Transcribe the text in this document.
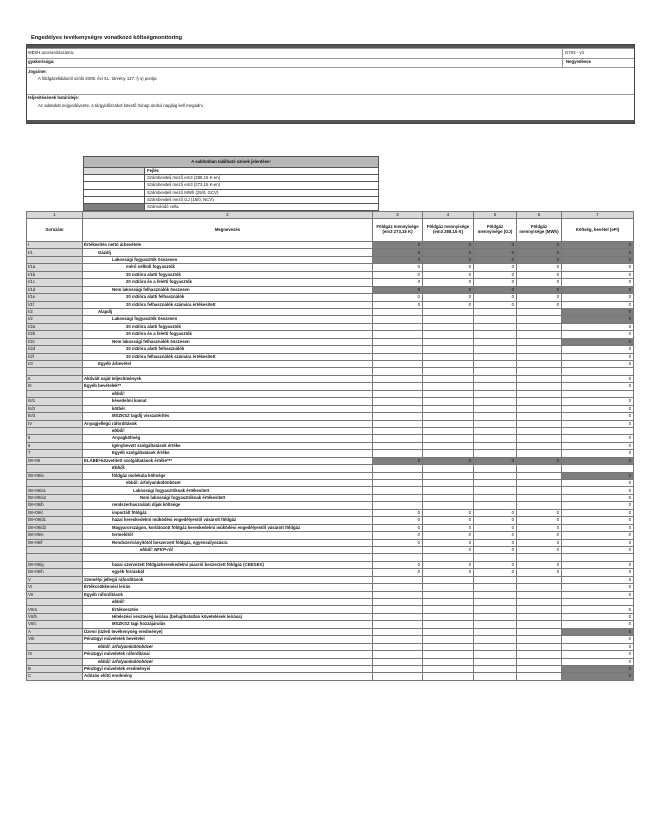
Engedélyes tevékenységre vonatkozó költségmonitoring
MEKH azonosítószáma:	G703 - v4
gyakorisága:	Negyedéves
Jogcíme:
A földgázellátásról szóló 2008. évi XL. törvény 127. § s) pontja
teljesítésének határideje:
Az adatokat negyedévente, a tárgyidőszakot követő hónap utolsó napjáig kell megadni.
A sablonban található színek jelentése:	
	Fejléc
	Számbeviteli mező em3 (288,15 K-en)
	Számbeviteli mező em3 (273,15 K-en)
	Számbeviteli mező MWh (25/0, GCV)
	Számbeviteli mező GJ (15/0, NCV)
	Számolódó cella

1	2	3	4	5	6	7
Sorszám	Megnevezés	Földgáz mennyisége (em3 273,15 K)	Földgáz mennyisége (em3 288,15 K)	Földgáz mennyisége (GJ)	Földgáz mennyisége (MWh)	Költség, bevétel (eFt)
I	Értékesítés nettó árbevétele	0	0	0	0	0
I/1	Gázdíj	0	0	0	0	0
	Lakossági fogyasztók összesen	0	0	0	0	0
I/1a	mérő nélküli fogyasztók	0	0	0	0	0
I/1b	20 m3/óra alatti fogyasztók	0	0	0	0	0
I/1c	20 m3/óra és a feletti fogyasztók	0	0	0	0	0
I/1d	Nem lakossági felhasználók összesen	0	0	0	0	0
I/1e	20 m3/óra alatti felhasználók	0	0	0	0	0
I/1f	20 m3/óra felhasználók számára értékesített	0	0	0	0	0
I/2	Alapdíj					0
I/2	Lakossági fogyasztók összesen					0
I/2a	20 m3/óra alatti fogyasztók					0
I/2b	20 m3/óra és a feletti fogyasztók					0
I/2c	Nem lakossági felhasználók összesen					0
I/2d	20 m3/óra alatti felhasználók					0
I/2f	20 m3/óra felhasználók számára értékesített					0
I/3	Egyéb árbevétel					0

II.	Aktivált saját teljesítmények					0
III	Egyéb bevételek**					0
	ebből:					
III/1	késedelmi kamat					0
III/2	kötbér					0
III/3	MSZKSZ tagdíj visszatérítés					0
IV	Anyagjellegű ráfordítások					0
	ebből:					
5	Anyagköltség					0
6	Igénybevett szolgáltatások értéke					0
7	Egyéb szolgáltatások értéke					0
08+09	ELÁBÉ+közvetített szolgáltatások értéke***	0	0	0	0	0
	Ebből:					
08+09/a	földgáz molekula költsége					0
	ebből: árfolyamkülönbözet					0
08+09/a1	Lakossági fogyasztóknak értékesített					0
08+09/a2	Nem lakossági fogyasztóknak értékesített					0
08+09/b	rendszerhasználati díjak költsége					0
08+09/c	importált földgáz	0	0	0	0	0
08+09/d1	hazai kereskedelmi működési engedélyestől vásárolt földgáz	0	0	0	0	0
08+09/d2	Magyarországon, korlátozott földgáz kereskedelmi működési engedélyestől vásárolt földgáz	0	0	0	0	0
08+09/e	termelőtől	0	0	0	0	0
08+09/f	Rendszerirányítótól beszerzett földgáz, egyensúlyozásra	0	0	0	0	0
	ebből: NFKP-ról		0	0	0	0

08+09/g	hazai szervezett földgázkereskedelmi piacról beszerzett földgáz (CEEGEX)	0	0	0	0	0
08+09/h	egyéb forrásból	0	0	0	0	0
V	Személyi jellegű ráfordítások					0
VI	Értékcsökkenési leírás					0
VII	Egyéb ráfordítások					0
	ebből:					
VII/a	Értékvesztés					0
VII/b	Hitelezési veszteség leírása (behajthatatlan követelések leírása)					0
VII/c	MSZKSZ tagi hozzájárulás					0
A	Üzemi (üzleti tevékenység eredménye)					0
VIII	Pénzügyi műveletek bevételei					0
	ebből: árfolyamkülönbözet					0
IX	Pénzügyi műveletek ráfordításai					0
	ebből: árfolyamkülönbözet					0
B	Pénzügyi műveletek eredményei					0
C	Adózás előtti eredmény					0
